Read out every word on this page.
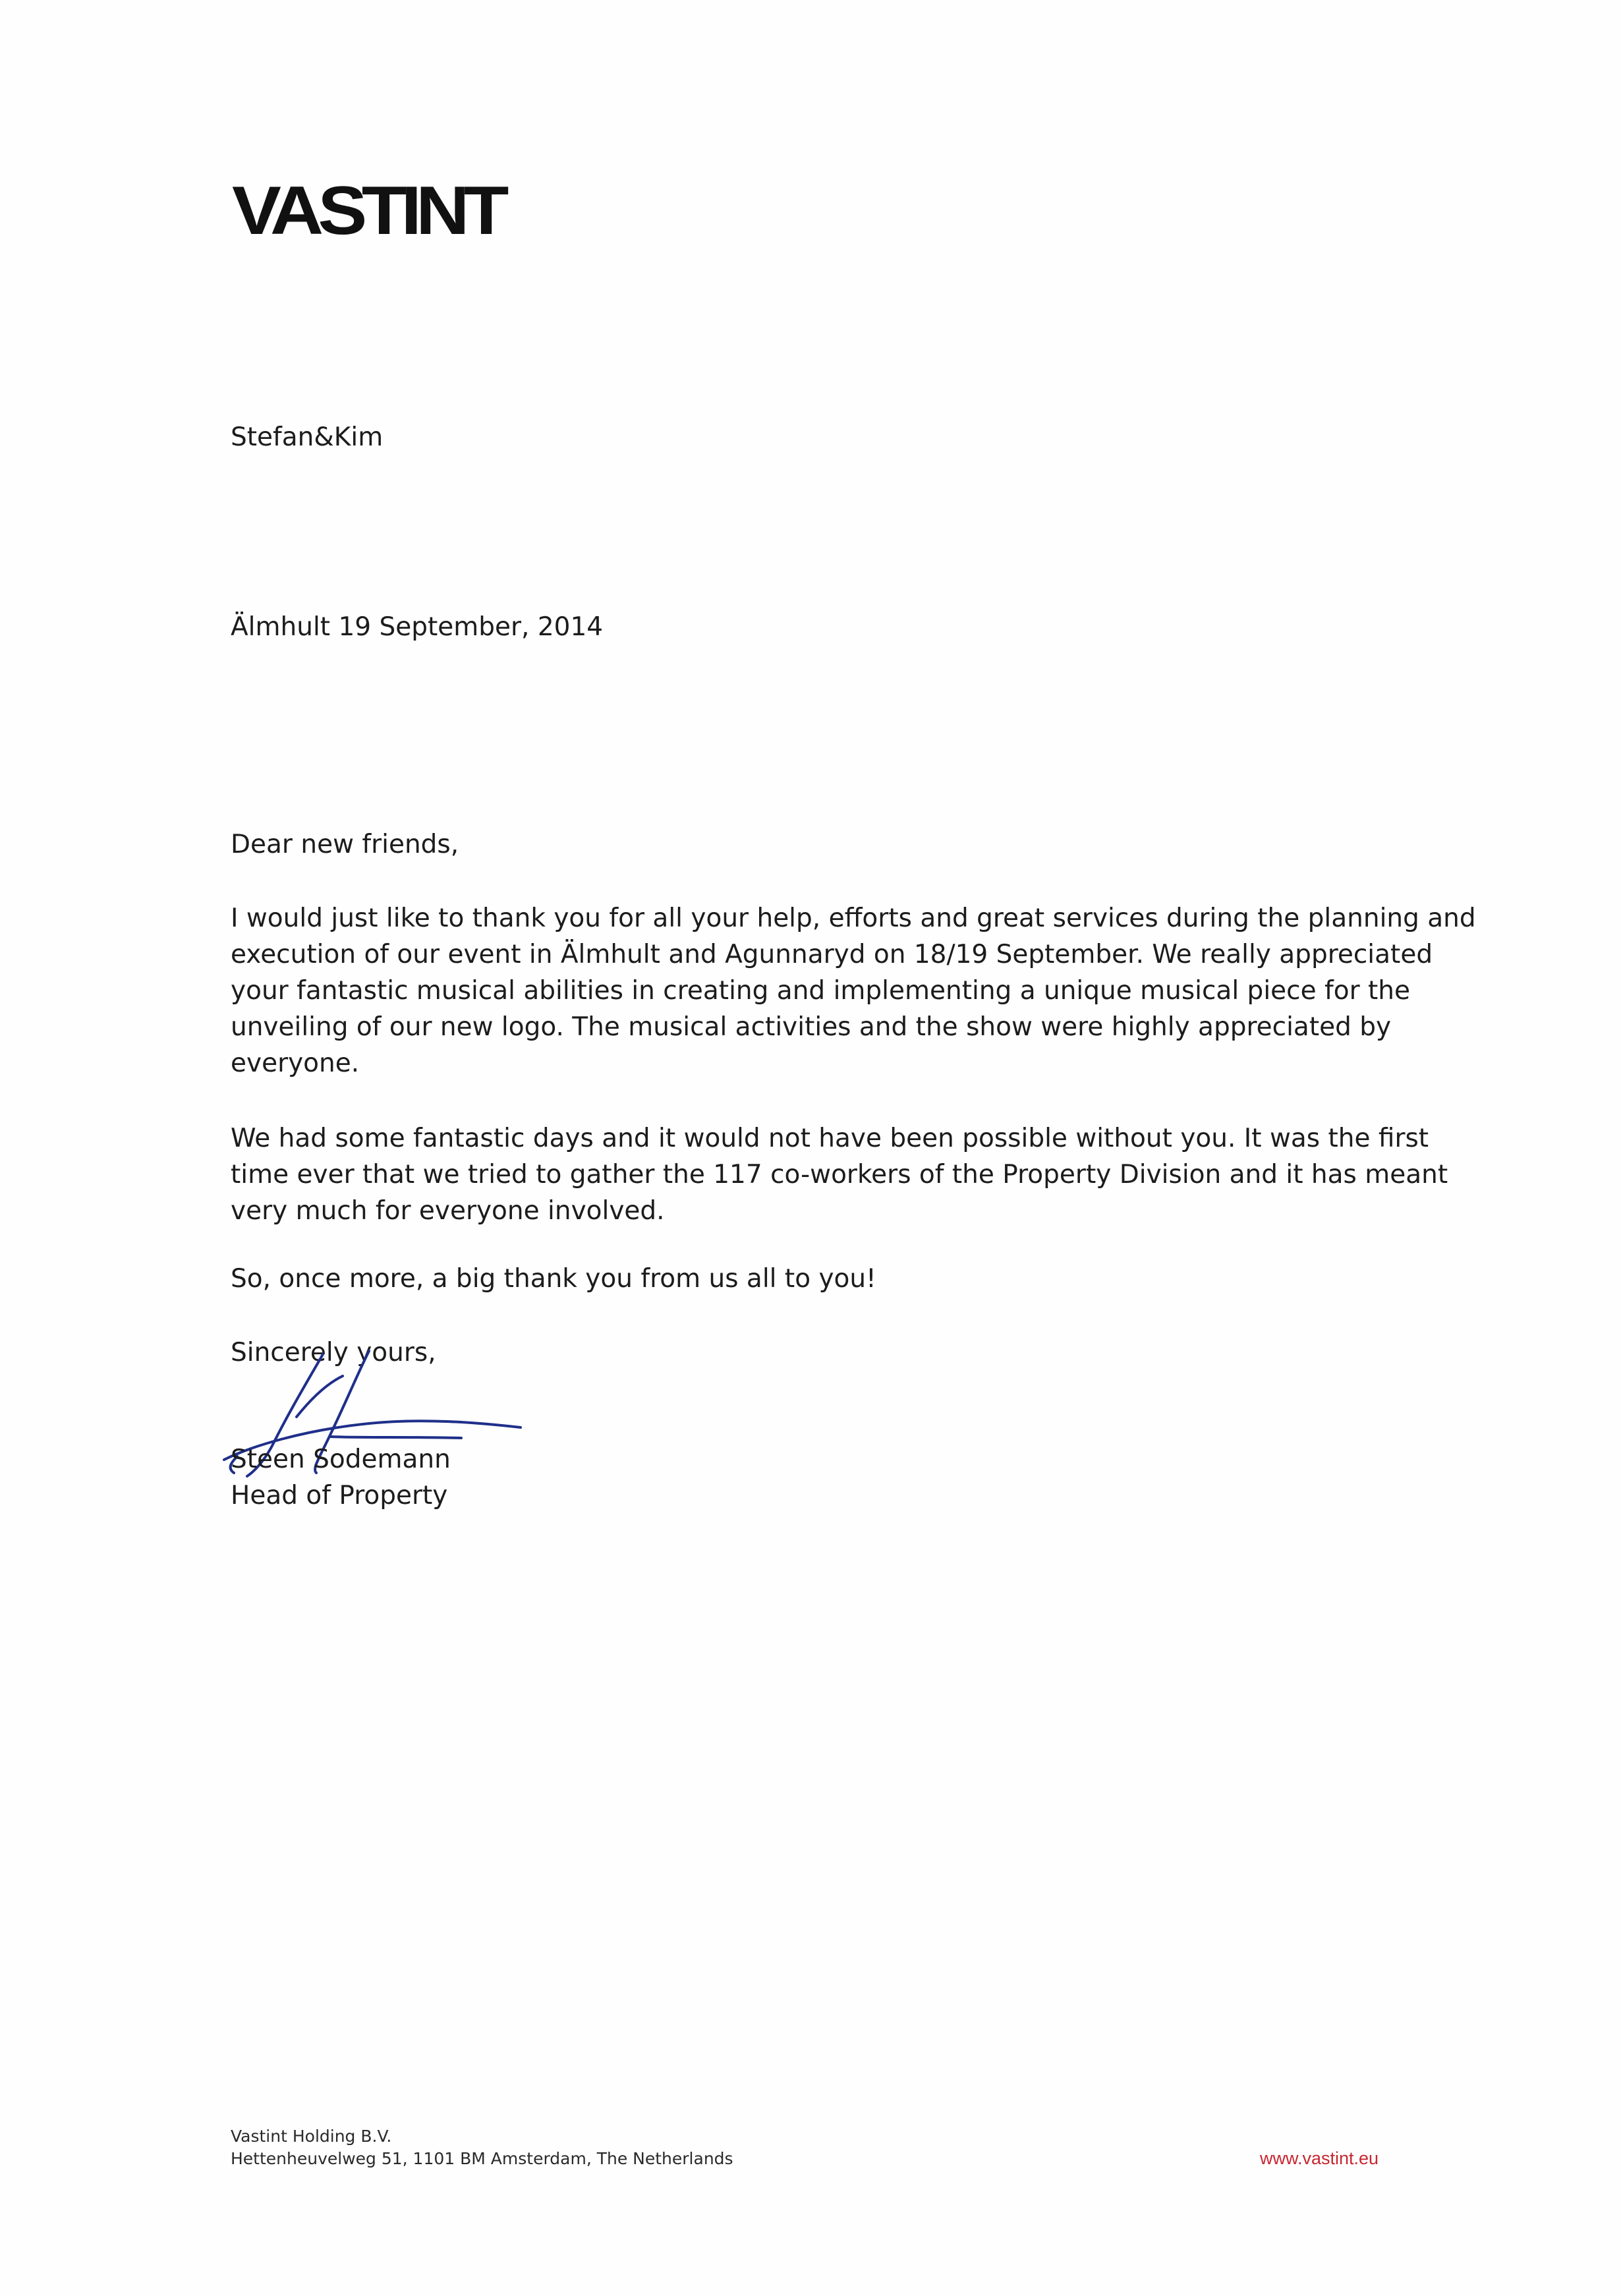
VASTINT

Stefan&Kim

Älmhult 19 September, 2014

Dear new friends,

I would just like to thank you for all your help, efforts and great services during the planning and execution of our event in Älmhult and Agunnaryd on 18/19 September. We really appreciated your fantastic musical abilities in creating and implementing a unique musical piece for the unveiling of our new logo. The musical activities and the show were highly appreciated by everyone.

We had some fantastic days and it would not have been possible without you. It was the first time ever that we tried to gather the 117 co-workers of the Property Division and it has meant very much for everyone involved.

So, once more, a big thank you from us all to you!

Sincerely yours,

Steen Sodemann

Head of Property

Vastint Holding B.V.
Hettenheuvelweg 51, 1101 BM Amsterdam, The Netherlands	www.vastint.eu
